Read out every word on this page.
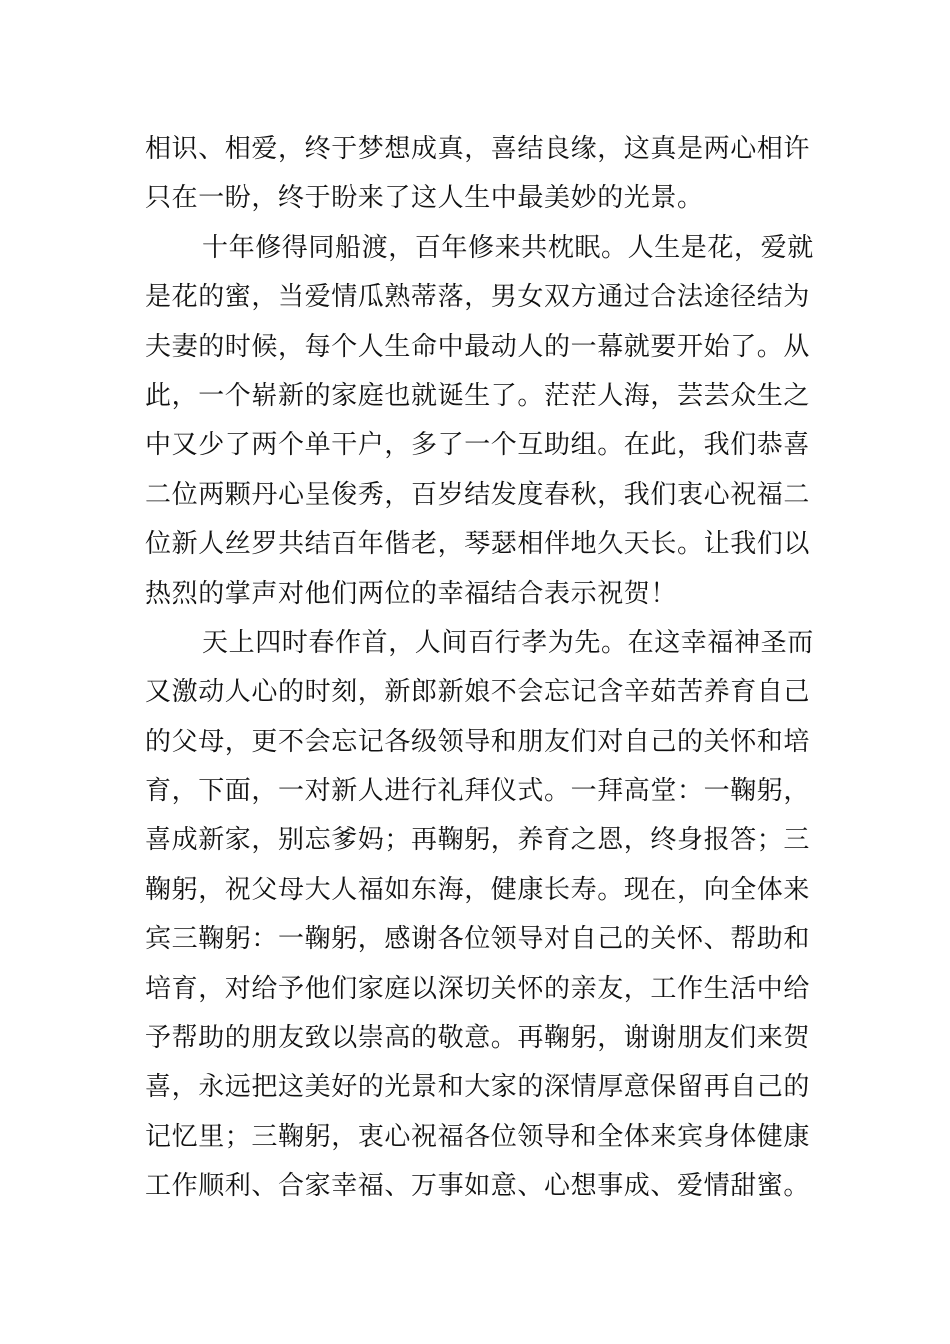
相识、相爱，终于梦想成真，喜结良缘，这真是两心相许
只在一盼，终于盼来了这人生中最美妙的光景。
十年修得同船渡，百年修来共枕眠。人生是花，爱就
是花的蜜，当爱情瓜熟蒂落，男女双方通过合法途径结为
夫妻的时候，每个人生命中最动人的一幕就要开始了。从
此，一个崭新的家庭也就诞生了。茫茫人海，芸芸众生之
中又少了两个单干户，多了一个互助组。在此，我们恭喜
二位两颗丹心呈俊秀，百岁结发度春秋，我们衷心祝福二
位新人丝罗共结百年偕老，琴瑟相伴地久天长。让我们以
热烈的掌声对他们两位的幸福结合表示祝贺！
天上四时春作首，人间百行孝为先。在这幸福神圣而
又激动人心的时刻，新郎新娘不会忘记含辛茹苦养育自己
的父母，更不会忘记各级领导和朋友们对自己的关怀和培
育，下面，一对新人进行礼拜仪式。一拜高堂：一鞠躬，
喜成新家，别忘爹妈；再鞠躬，养育之恩，终身报答；三
鞠躬，祝父母大人福如东海，健康长寿。现在，向全体来
宾三鞠躬：一鞠躬，感谢各位领导对自己的关怀、帮助和
培育，对给予他们家庭以深切关怀的亲友，工作生活中给
予帮助的朋友致以崇高的敬意。再鞠躬，谢谢朋友们来贺
喜，永远把这美好的光景和大家的深情厚意保留再自己的
记忆里；三鞠躬，衷心祝福各位领导和全体来宾身体健康
工作顺利、合家幸福、万事如意、心想事成、爱情甜蜜。
